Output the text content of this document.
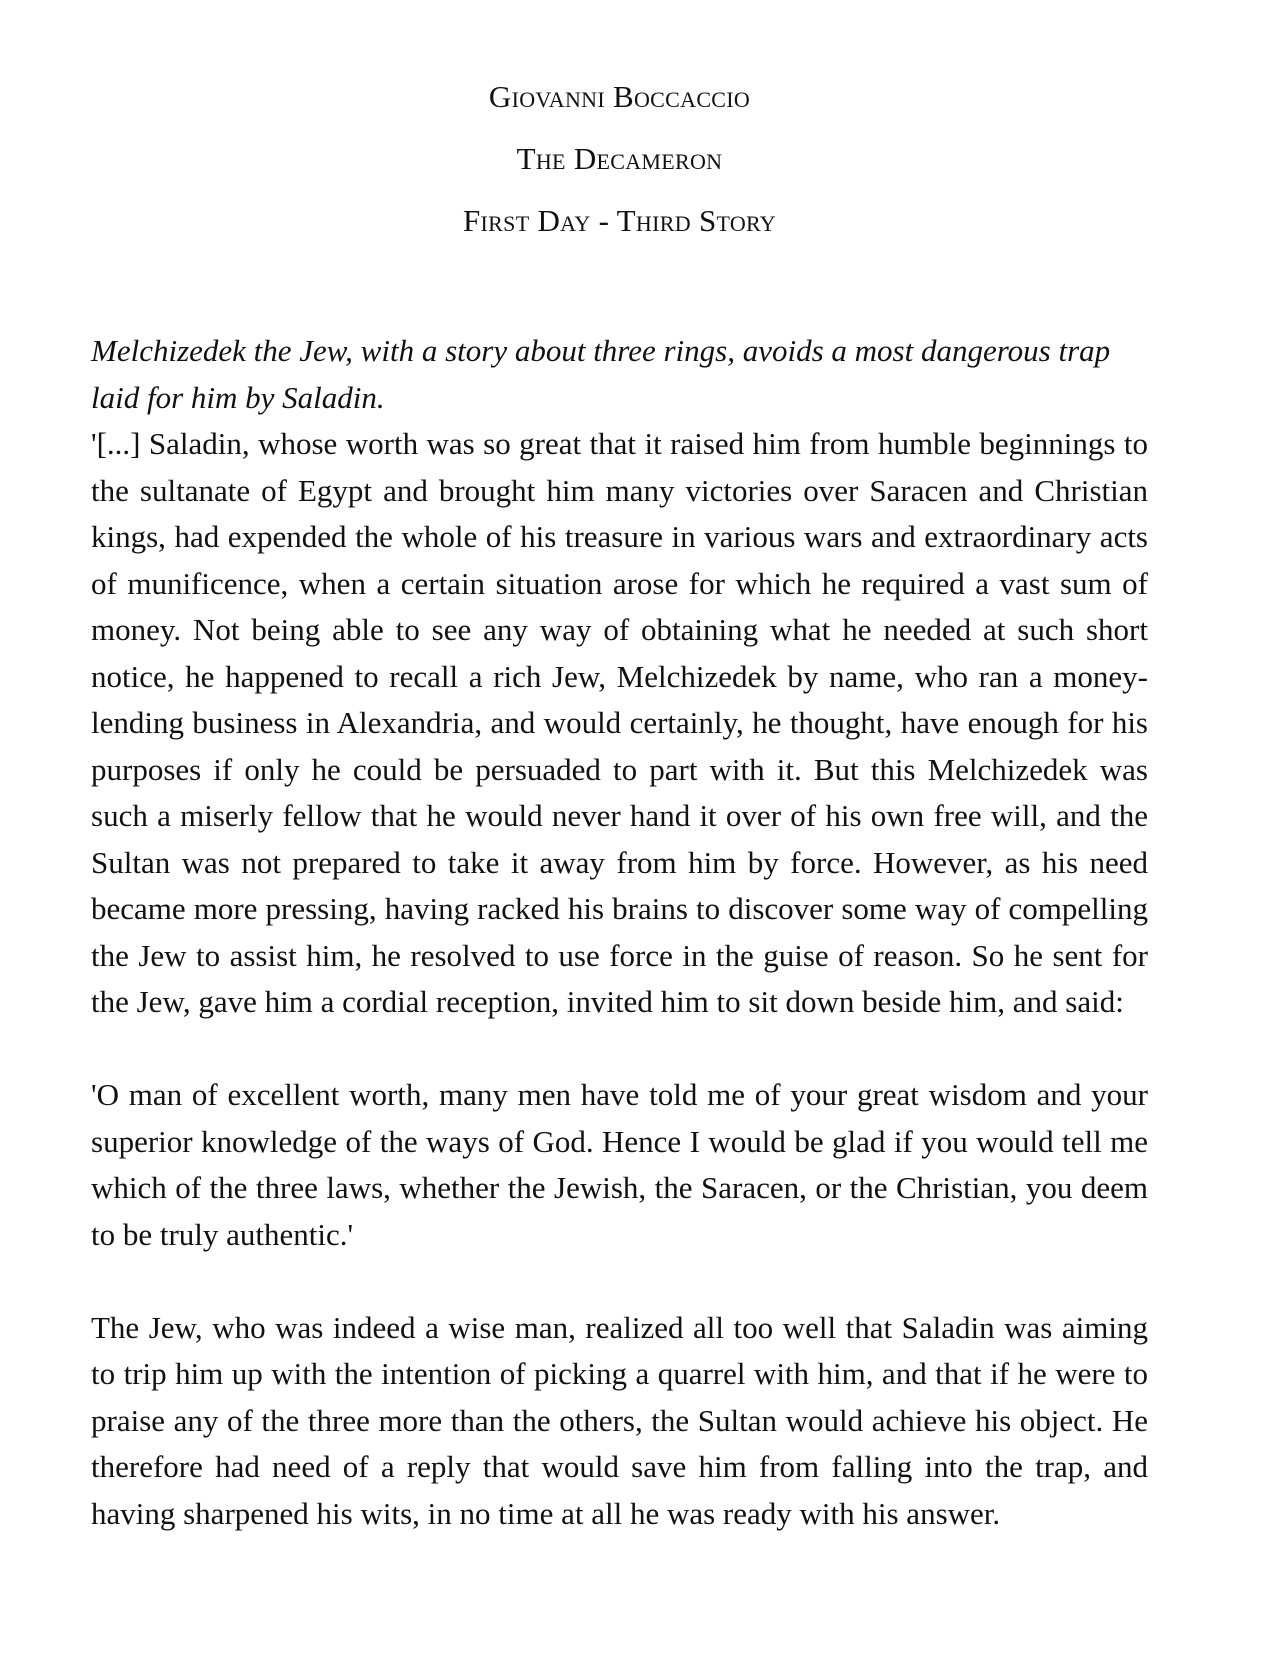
Giovanni Boccaccio
The Decameron
First Day - Third Story

Melchizedek the Jew, with a story about three rings, avoids a most dangerous trap laid for him by Saladin.

'[...] Saladin, whose worth was so great that it raised him from humble beginnings to the sultanate of Egypt and brought him many victories over Saracen and Christian kings, had expended the whole of his treasure in various wars and extraordinary acts of munificence, when a certain situation arose for which he required a vast sum of money. Not being able to see any way of obtaining what he needed at such short notice, he happened to recall a rich Jew, Melchizedek by name, who ran a money-lending business in Alexandria, and would certainly, he thought, have enough for his purposes if only he could be persuaded to part with it. But this Melchizedek was such a miserly fellow that he would never hand it over of his own free will, and the Sultan was not prepared to take it away from him by force. However, as his need became more pressing, having racked his brains to discover some way of compelling the Jew to assist him, he resolved to use force in the guise of reason. So he sent for the Jew, gave him a cordial reception, invited him to sit down beside him, and said:

'O man of excellent worth, many men have told me of your great wisdom and your superior knowledge of the ways of God. Hence I would be glad if you would tell me which of the three laws, whether the Jewish, the Saracen, or the Christian, you deem to be truly authentic.'

The Jew, who was indeed a wise man, realized all too well that Saladin was aiming to trip him up with the intention of picking a quarrel with him, and that if he were to praise any of the three more than the others, the Sultan would achieve his object. He therefore had need of a reply that would save him from falling into the trap, and having sharpened his wits, in no time at all he was ready with his answer.
